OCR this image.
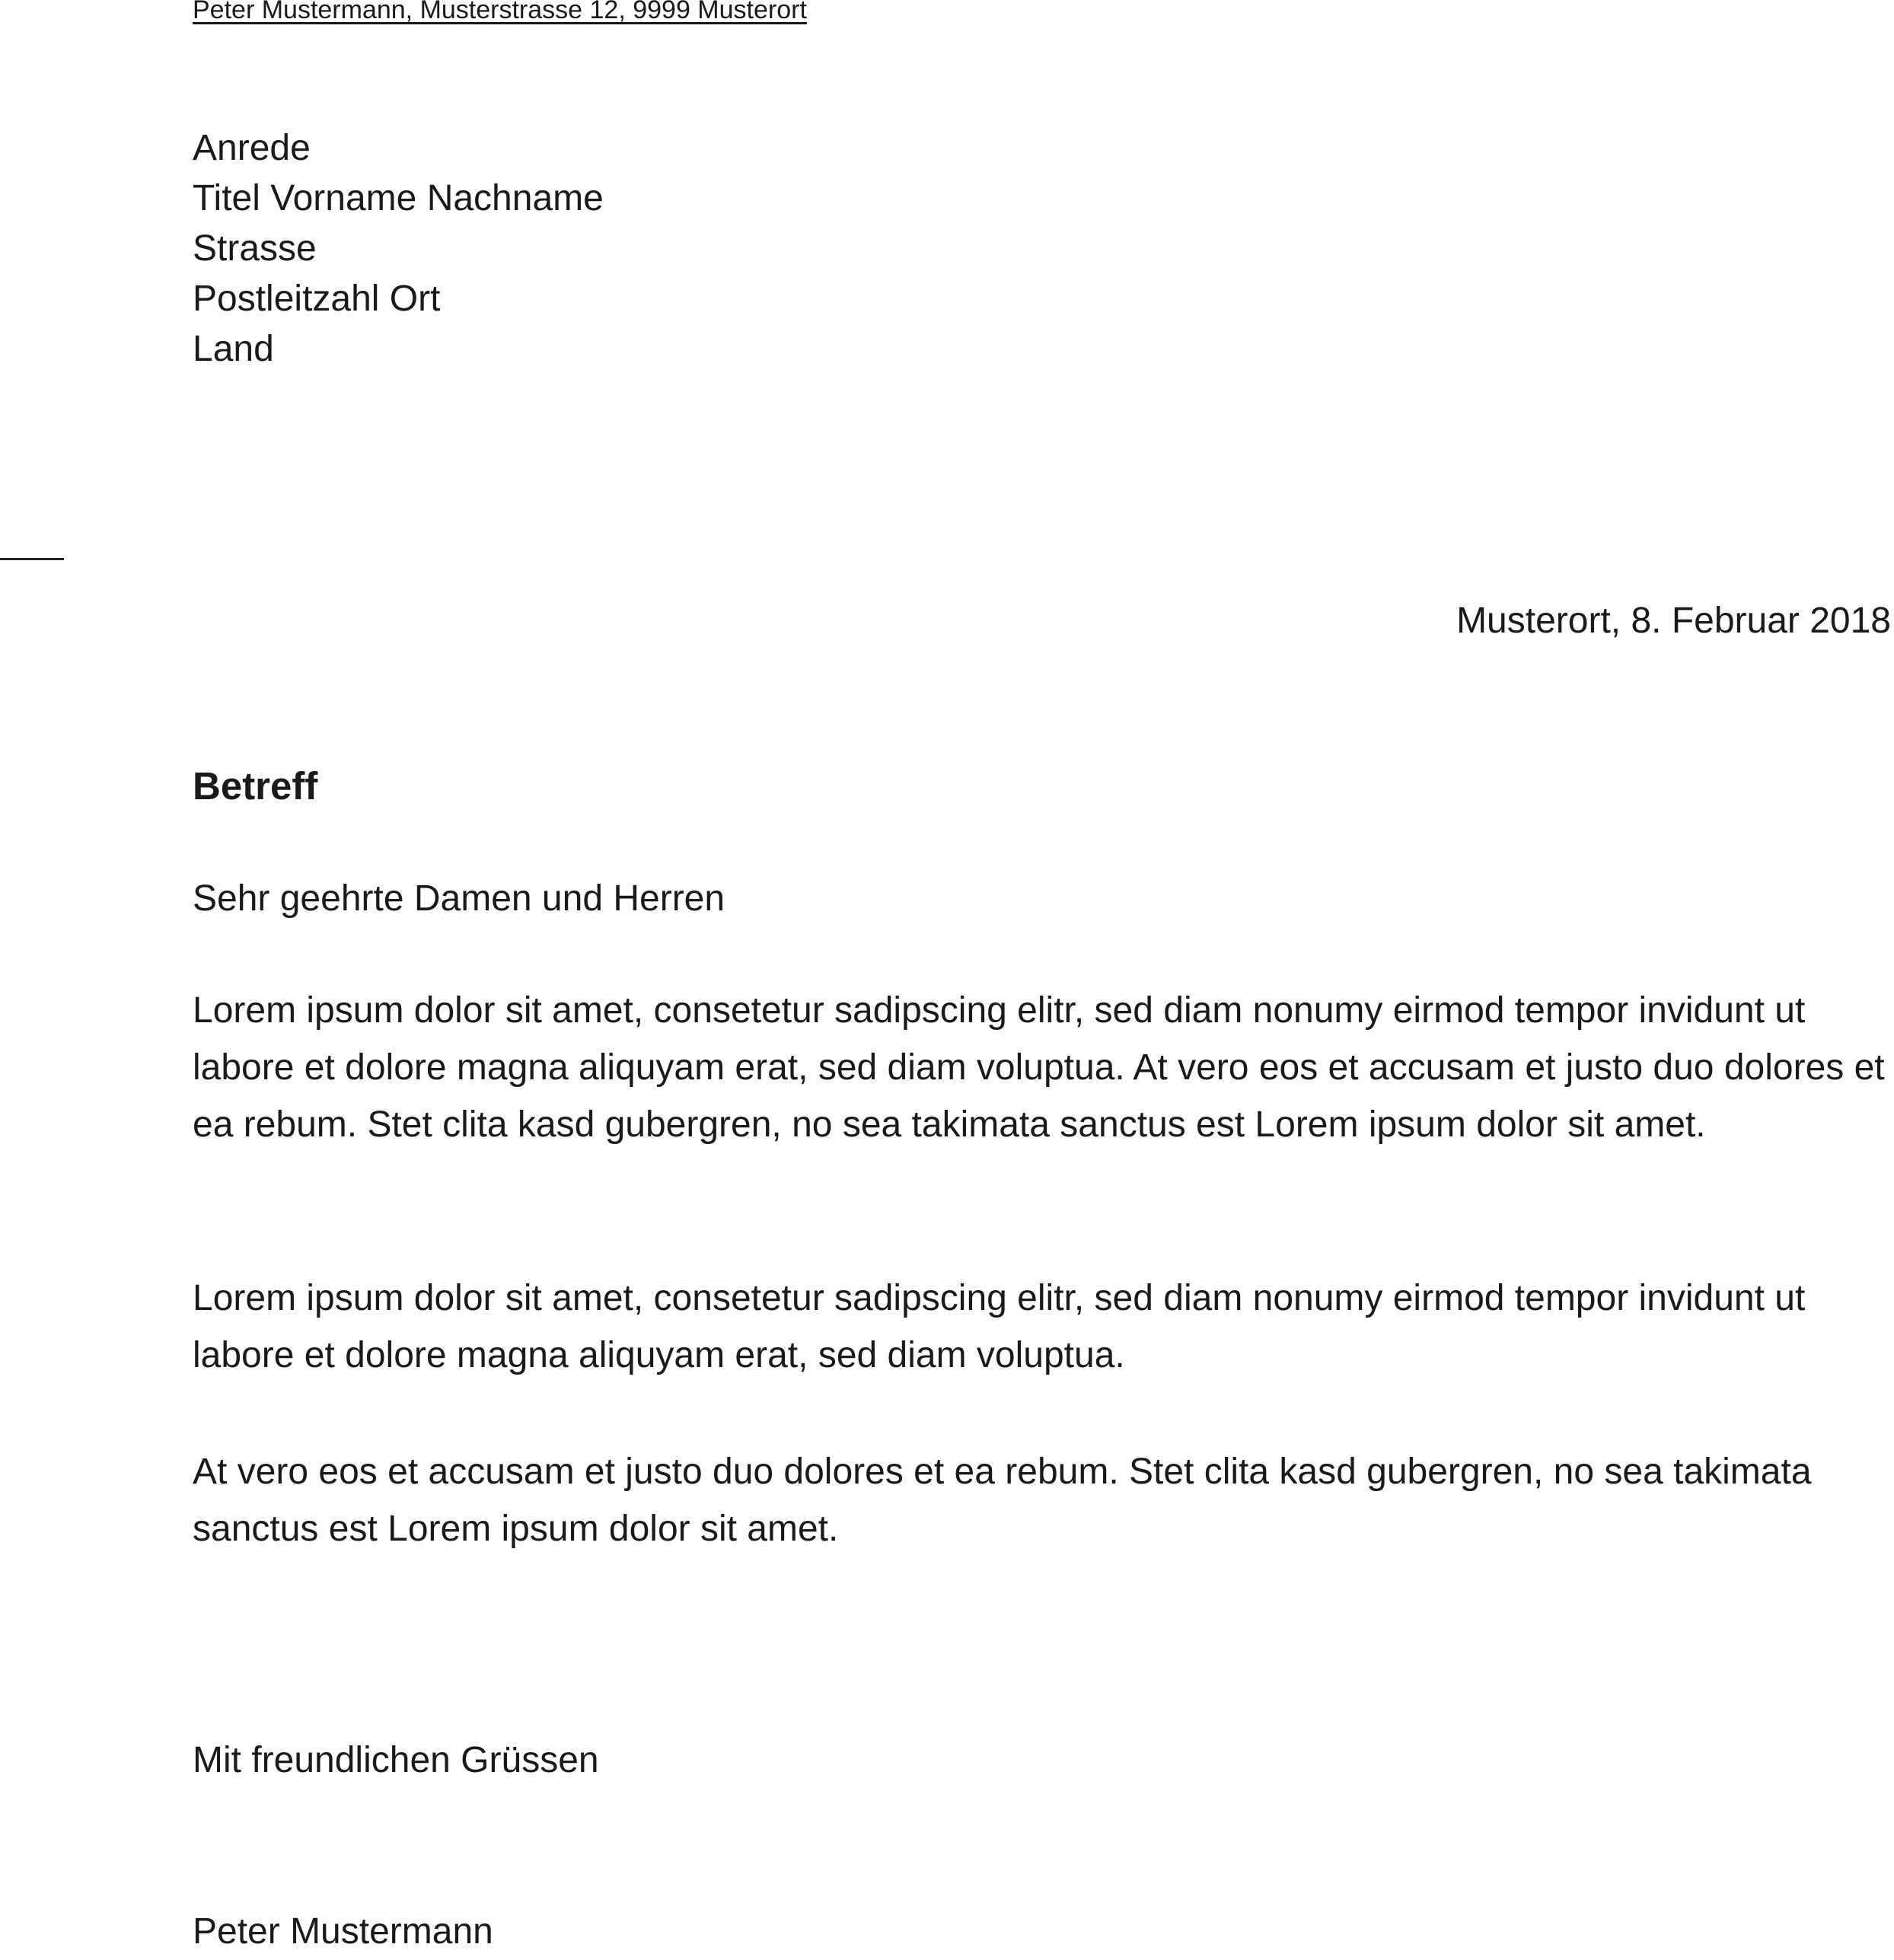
Peter Mustermann, Musterstrasse 12, 9999 Musterort
Anrede
Titel Vorname Nachname
Strasse
Postleitzahl Ort
Land
Musterort, 8. Februar 2018
Betreff
Sehr geehrte Damen und Herren
Lorem ipsum dolor sit amet, consetetur sadipscing elitr, sed diam nonumy eirmod tempor invidunt ut labore et dolore magna aliquyam erat, sed diam voluptua. At vero eos et accusam et justo duo dolores et ea rebum. Stet clita kasd gubergren, no sea takimata sanctus est Lorem ipsum dolor sit amet.
Lorem ipsum dolor sit amet, consetetur sadipscing elitr, sed diam nonumy eirmod tempor invidunt ut labore et dolore magna aliquyam erat, sed diam voluptua.
At vero eos et accusam et justo duo dolores et ea rebum. Stet clita kasd gubergren, no sea takimata sanctus est Lorem ipsum dolor sit amet.
Mit freundlichen Grüssen
Peter Mustermann
